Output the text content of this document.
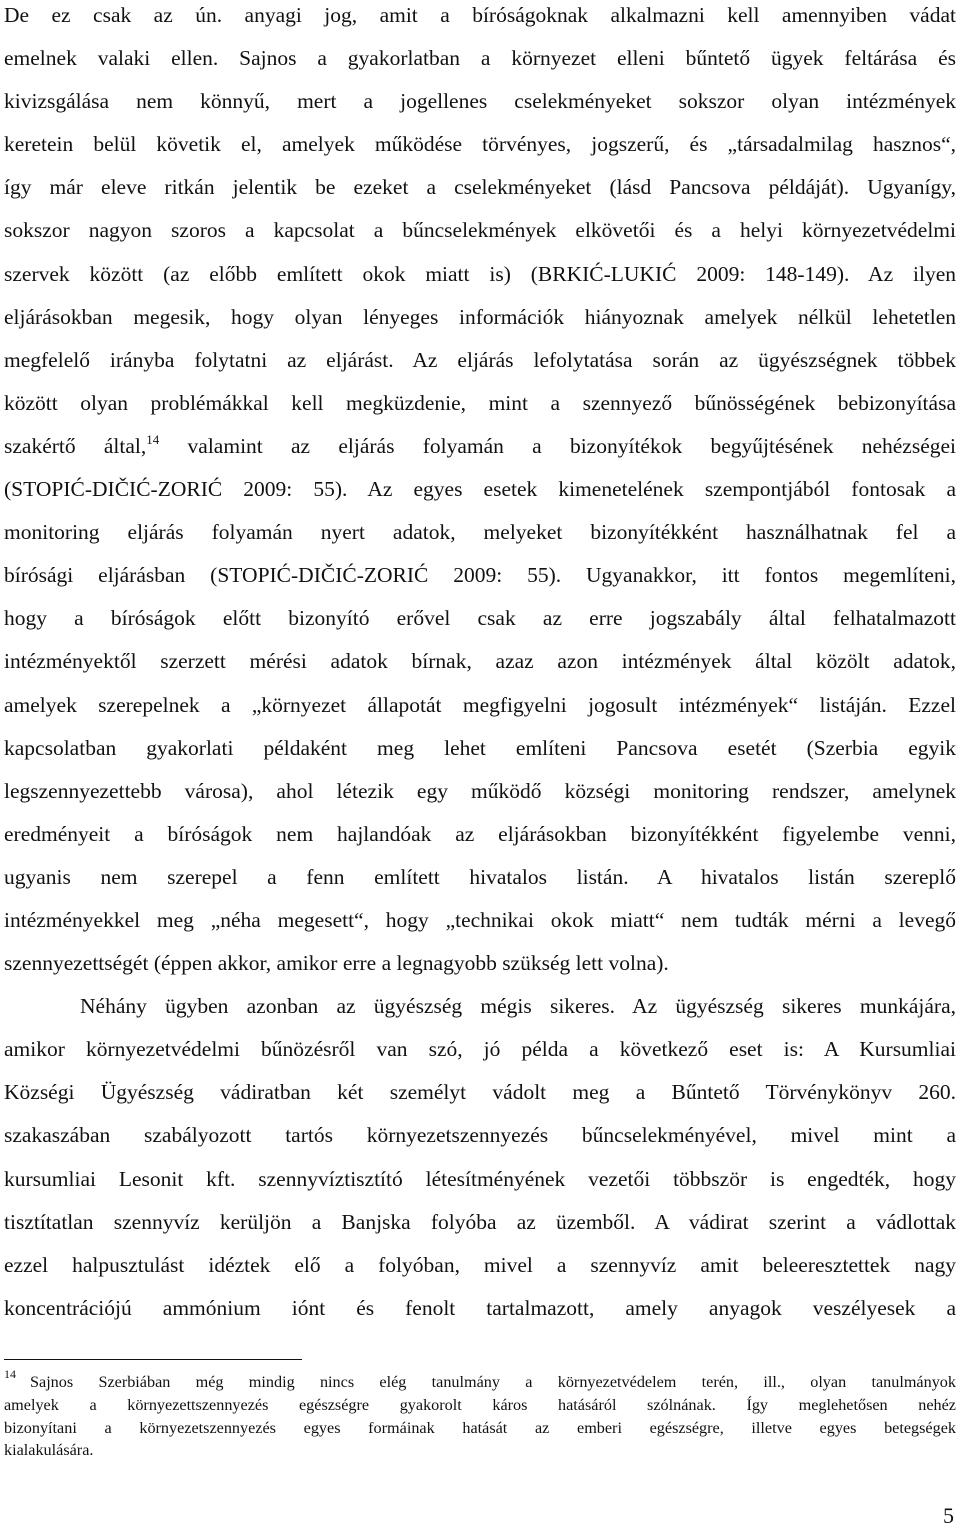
De ez csak az ún. anyagi jog, amit a bíróságoknak alkalmazni kell amennyiben vádat
emelnek valaki ellen. Sajnos a gyakorlatban a környezet elleni bűntető ügyek feltárása és
kivizsgálása nem könnyű, mert a jogellenes cselekményeket sokszor olyan intézmények
keretein belül követik el, amelyek működése törvényes, jogszerű, és „társadalmilag hasznos“,
így már eleve ritkán jelentik be ezeket a cselekményeket (lásd Pancsova példáját). Ugyanígy,
sokszor nagyon szoros a kapcsolat a bűncselekmények elkövetői és a helyi környezetvédelmi
szervek között (az előbb említett okok miatt is) (BRKIĆ-LUKIĆ 2009: 148-149). Az ilyen
eljárásokban megesik, hogy olyan lényeges információk hiányoznak amelyek nélkül lehetetlen
megfelelő irányba folytatni az eljárást. Az eljárás lefolytatása során az ügyészségnek többek
között olyan problémákkal kell megküzdenie, mint a szennyező bűnösségének bebizonyítása
szakértő által,$^{14}$ valamint az eljárás folyamán a bizonyítékok begyűjtésének nehézségei
(STOPIĆ-DIČIĆ-ZORIĆ 2009: 55). Az egyes esetek kimenetelének szempontjából fontosak a
monitoring eljárás folyamán nyert adatok, melyeket bizonyítékként használhatnak fel a
bírósági eljárásban (STOPIĆ-DIČIĆ-ZORIĆ 2009: 55). Ugyanakkor, itt fontos megemlíteni,
hogy a bíróságok előtt bizonyító erővel csak az erre jogszabály által felhatalmazott
intézményektől szerzett mérési adatok bírnak, azaz azon intézmények által közölt adatok,
amelyek szerepelnek a „környezet állapotát megfigyelni jogosult intézmények“ listáján. Ezzel
kapcsolatban gyakorlati példaként meg lehet említeni Pancsova esetét (Szerbia egyik
legszennyezettebb városa), ahol létezik egy működő községi monitoring rendszer, amelynek
eredményeit a bíróságok nem hajlandóak az eljárásokban bizonyítékként figyelembe venni,
ugyanis nem szerepel a fenn említett hivatalos listán. A hivatalos listán szereplő
intézményekkel meg „néha megesett“, hogy „technikai okok miatt“ nem tudták mérni a levegő
szennyezettségét (éppen akkor, amikor erre a legnagyobb szükség lett volna).
Néhány ügyben azonban az ügyészség mégis sikeres. Az ügyészség sikeres munkájára,
amikor környezetvédelmi bűnözésről van szó, jó példa a következő eset is: A Kursumliai
Községi Ügyészség vádiratban két személyt vádolt meg a Bűntető Törvénykönyv 260.
szakaszában szabályozott tartós környezetszennyezés bűncselekményével, mivel mint a
kursumliai Lesonit kft. szennyvíztisztító létesítményének vezetői többször is engedték, hogy
tisztítatlan szennyvíz kerüljön a Banjska folyóba az üzemből. A vádirat szerint a vádlottak
ezzel halpusztulást idéztek elő a folyóban, mivel a szennyvíz amit beleeresztettek nagy
koncentrációjú ammónium iónt és fenolt tartalmazott, amely anyagok veszélyesek a
$^{14}$ Sajnos Szerbiában még mindig nincs elég tanulmány a környezetvédelem terén, ill., olyan tanulmányok
amelyek a környezettszennyezés egészségre gyakorolt káros hatásáról szólnának. Így meglehetősen nehéz
bizonyítani a környezetszennyezés egyes formáinak hatását az emberi egészségre, illetve egyes betegségek
kialakulására.
5
